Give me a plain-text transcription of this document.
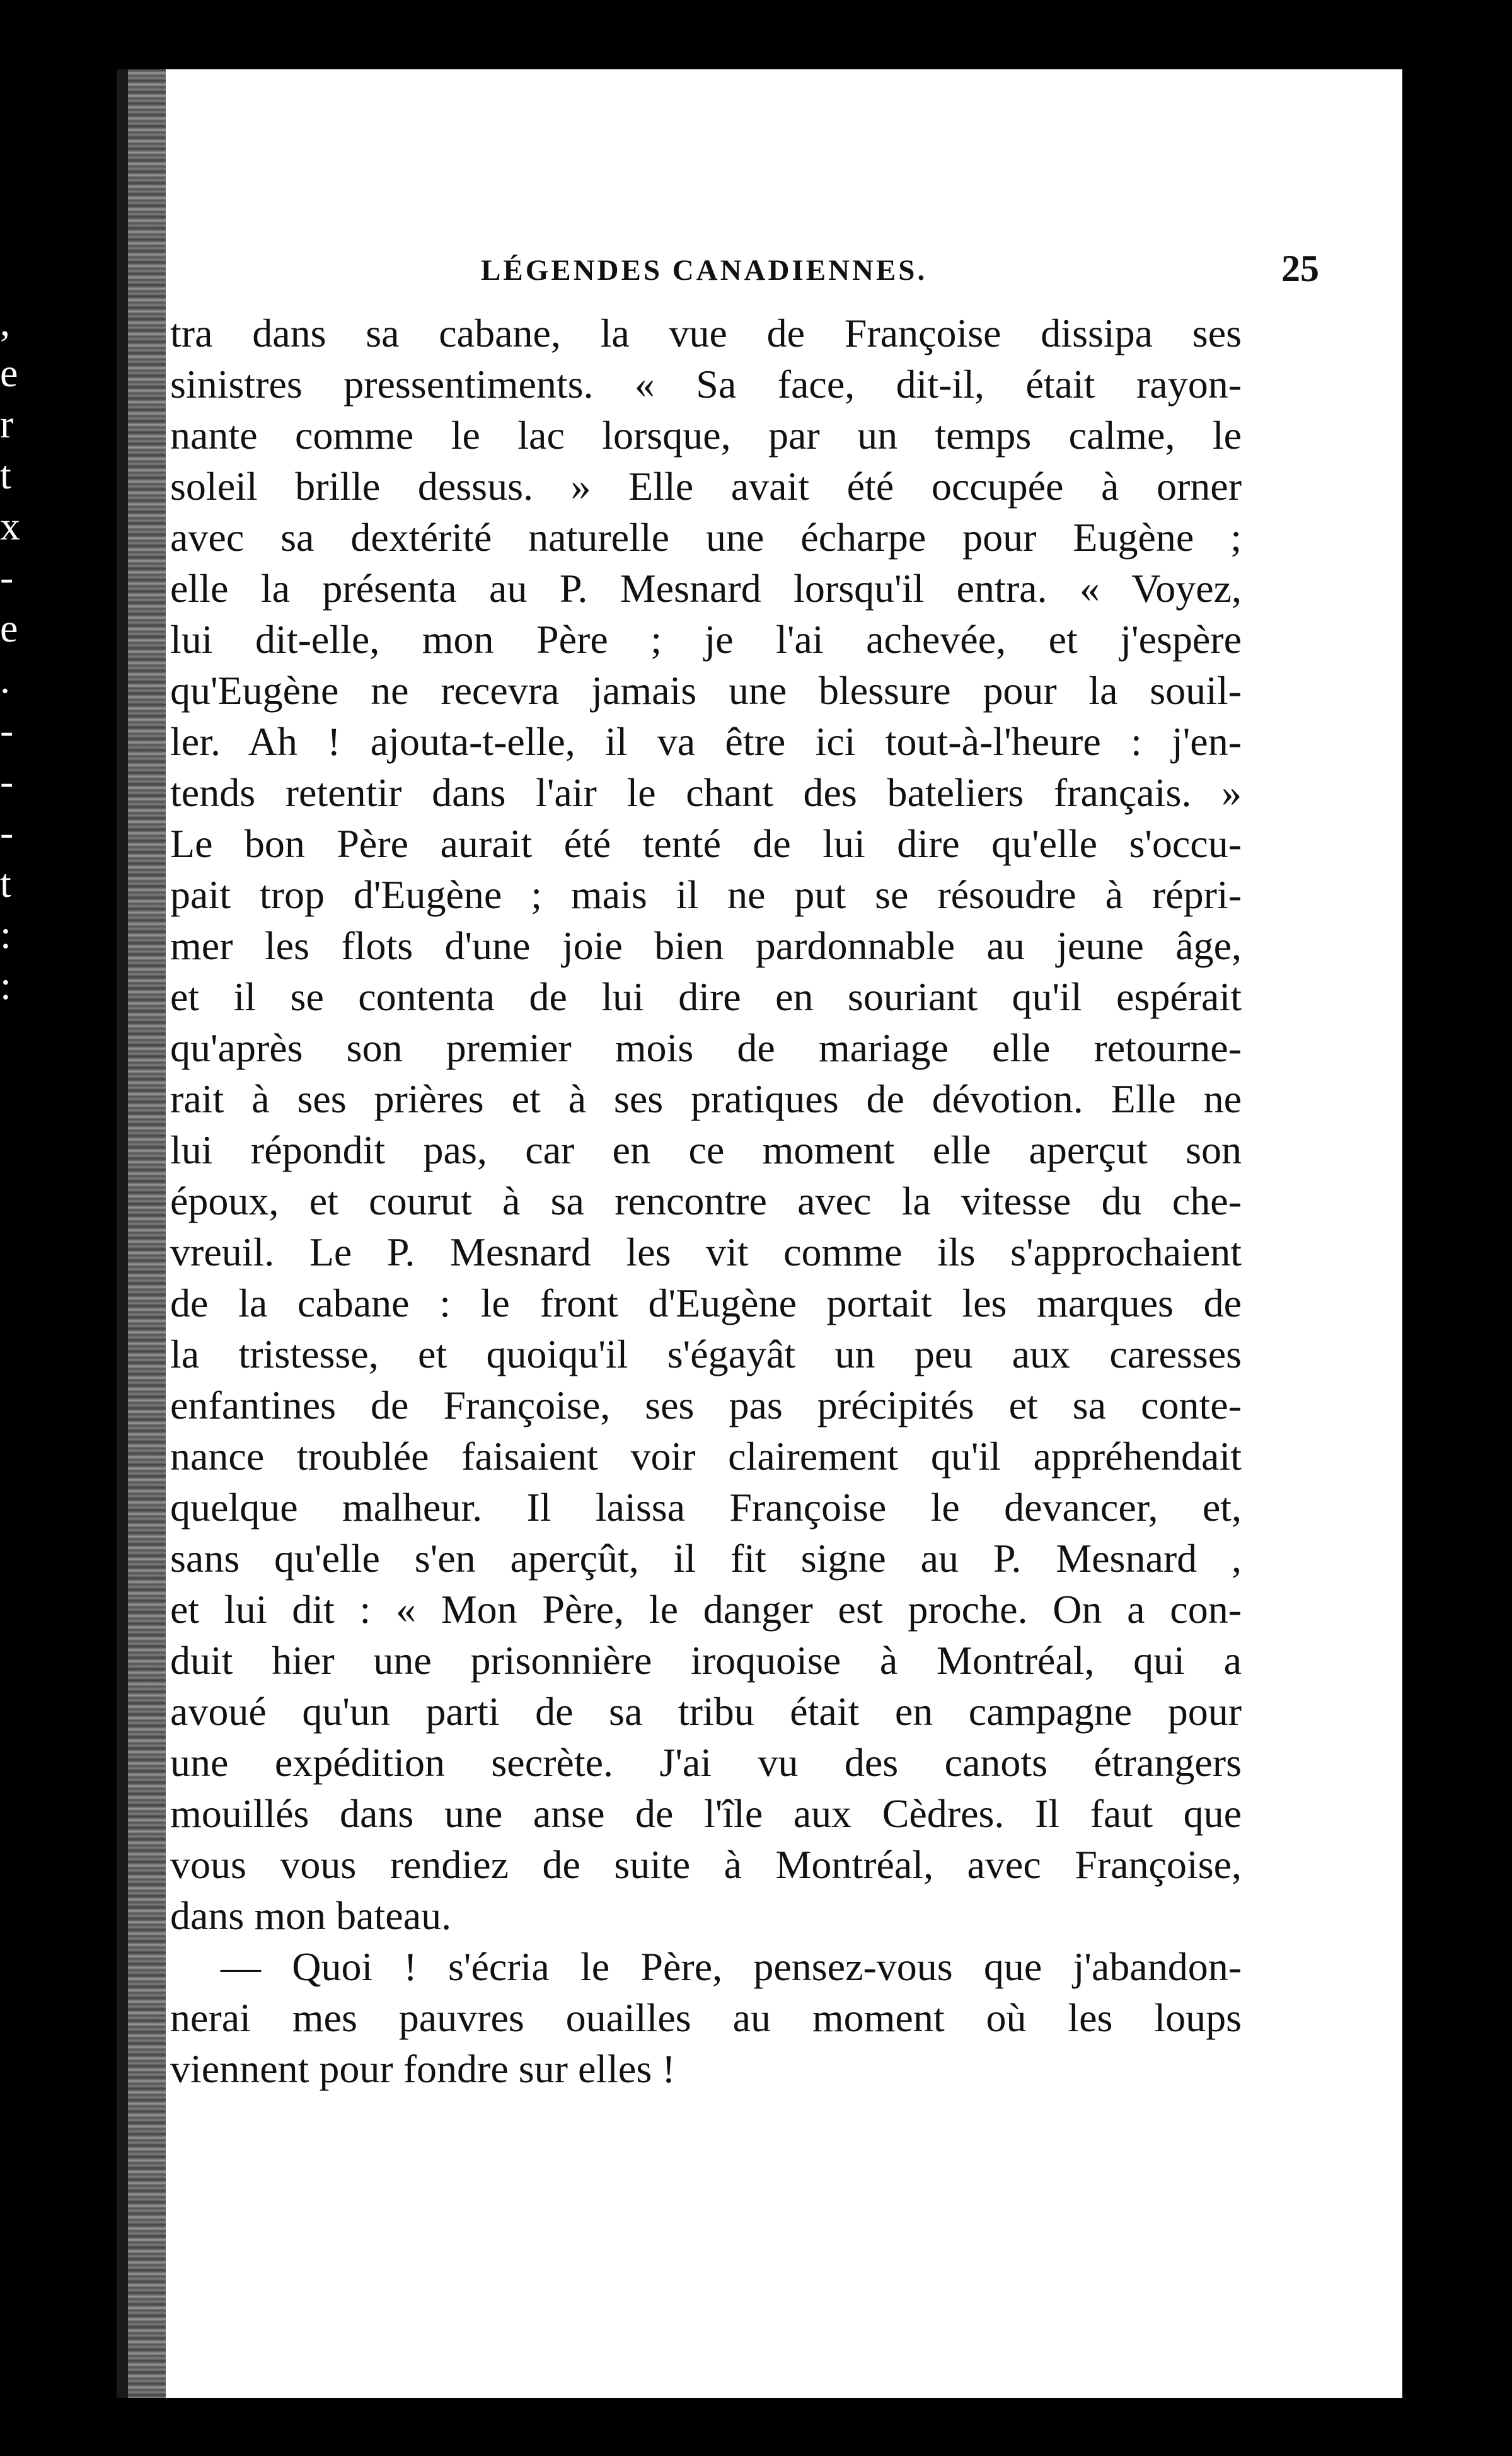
,
e
r
t
x
-
e
.
-
-
-
t
:
:
LÉGENDES CANADIENNES.	25
tra dans sa cabane, la vue de Françoise dissipa ses
sinistres pressentiments. « Sa face, dit-il, était rayon-
nante comme le lac lorsque, par un temps calme, le
soleil brille dessus. » Elle avait été occupée à orner
avec sa dextérité naturelle une écharpe pour Eugène ;
elle la présenta au P. Mesnard lorsqu'il entra. « Voyez,
lui dit-elle, mon Père ; je l'ai achevée, et j'espère
qu'Eugène ne recevra jamais une blessure pour la souil-
ler. Ah ! ajouta-t-elle, il va être ici tout-à-l'heure : j'en-
tends retentir dans l'air le chant des bateliers français. »
Le bon Père aurait été tenté de lui dire qu'elle s'occu-
pait trop d'Eugène ; mais il ne put se résoudre à répri-
mer les flots d'une joie bien pardonnable au jeune âge,
et il se contenta de lui dire en souriant qu'il espérait
qu'après son premier mois de mariage elle retourne-
rait à ses prières et à ses pratiques de dévotion. Elle ne
lui répondit pas, car en ce moment elle aperçut son
époux, et courut à sa rencontre avec la vitesse du che-
vreuil. Le P. Mesnard les vit comme ils s'approchaient
de la cabane : le front d'Eugène portait les marques de
la tristesse, et quoiqu'il s'égayât un peu aux caresses
enfantines de Françoise, ses pas précipités et sa conte-
nance troublée faisaient voir clairement qu'il appréhendait
quelque malheur. Il laissa Françoise le devancer, et,
sans qu'elle s'en aperçût, il fit signe au P. Mesnard ,
et lui dit : « Mon Père, le danger est proche. On a con-
duit hier une prisonnière iroquoise à Montréal, qui a
avoué qu'un parti de sa tribu était en campagne pour
une expédition secrète. J'ai vu des canots étrangers
mouillés dans une anse de l'île aux Cèdres. Il faut que
vous vous rendiez de suite à Montréal, avec Françoise,
dans mon bateau.
— Quoi ! s'écria le Père, pensez-vous que j'abandon-
nerai mes pauvres ouailles au moment où les loups
viennent pour fondre sur elles !
